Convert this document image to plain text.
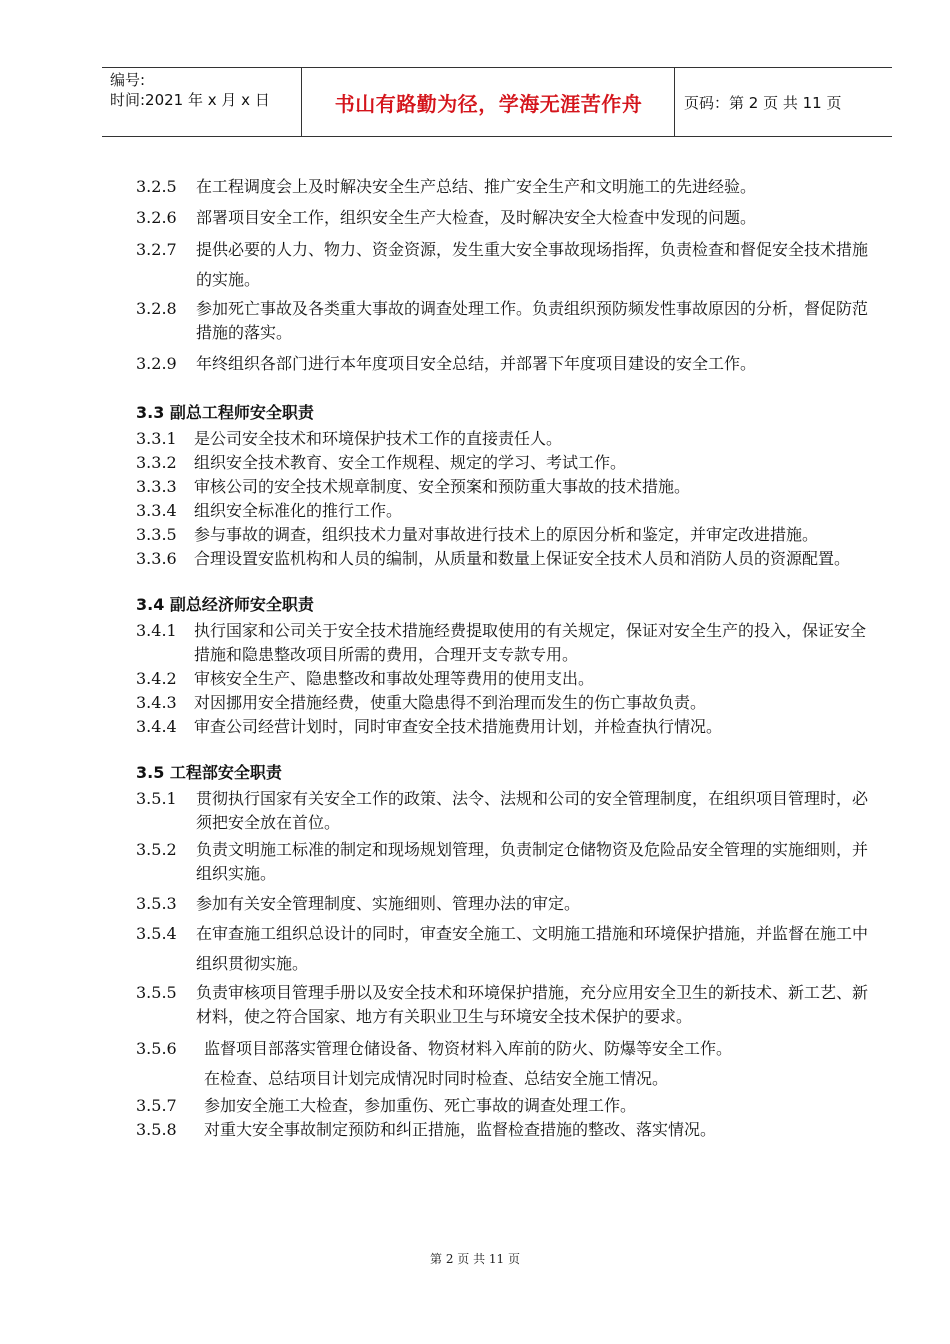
编号:
时间:2021 年 x 月 x 日	书山有路勤为径，学海无涯苦作舟	页码：第 2 页 共 11 页
3.2.5	在工程调度会上及时解决安全生产总结、推广安全生产和文明施工的先进经验。
3.2.6	部署项目安全工作，组织安全生产大检查，及时解决安全大检查中发现的问题。
3.2.7	提供必要的人力、物力、资金资源，发生重大安全事故现场指挥，负责检查和督促安全技术措施的实施。
3.2.8	参加死亡事故及各类重大事故的调查处理工作。负责组织预防频发性事故原因的分析，督促防范措施的落实。
3.2.9	年终组织各部门进行本年度项目安全总结，并部署下年度项目建设的安全工作。
3.3 副总工程师安全职责
3.3.1	是公司安全技术和环境保护技术工作的直接责任人。
3.3.2	组织安全技术教育、安全工作规程、规定的学习、考试工作。
3.3.3	审核公司的安全技术规章制度、安全预案和预防重大事故的技术措施。
3.3.4	组织安全标准化的推行工作。
3.3.5	参与事故的调查，组织技术力量对事故进行技术上的原因分析和鉴定，并审定改进措施。
3.3.6	合理设置安监机构和人员的编制，从质量和数量上保证安全技术人员和消防人员的资源配置。
3.4 副总经济师安全职责
3.4.1	执行国家和公司关于安全技术措施经费提取使用的有关规定，保证对安全生产的投入，保证安全措施和隐患整改项目所需的费用，合理开支专款专用。
3.4.2	审核安全生产、隐患整改和事故处理等费用的使用支出。
3.4.3	对因挪用安全措施经费，使重大隐患得不到治理而发生的伤亡事故负责。
3.4.4	审查公司经营计划时，同时审查安全技术措施费用计划，并检查执行情况。
3.5 工程部安全职责
3.5.1	贯彻执行国家有关安全工作的政策、法令、法规和公司的安全管理制度，在组织项目管理时，必须把安全放在首位。
3.5.2	负责文明施工标准的制定和现场规划管理，负责制定仓储物资及危险品安全管理的实施细则，并组织实施。
3.5.3	参加有关安全管理制度、实施细则、管理办法的审定。
3.5.4	在审查施工组织总设计的同时，审查安全施工、文明施工措施和环境保护措施，并监督在施工中组织贯彻实施。
3.5.5	负责审核项目管理手册以及安全技术和环境保护措施，充分应用安全卫生的新技术、新工艺、新材料，使之符合国家、地方有关职业卫生与环境安全技术保护的要求。
3.5.6	监督项目部落实管理仓储设备、物资材料入库前的防火、防爆等安全工作。
在检查、总结项目计划完成情况时同时检查、总结安全施工情况。
3.5.7	参加安全施工大检查，参加重伤、死亡事故的调查处理工作。
3.5.8	对重大安全事故制定预防和纠正措施，监督检查措施的整改、落实情况。
第 2 页 共 11 页
